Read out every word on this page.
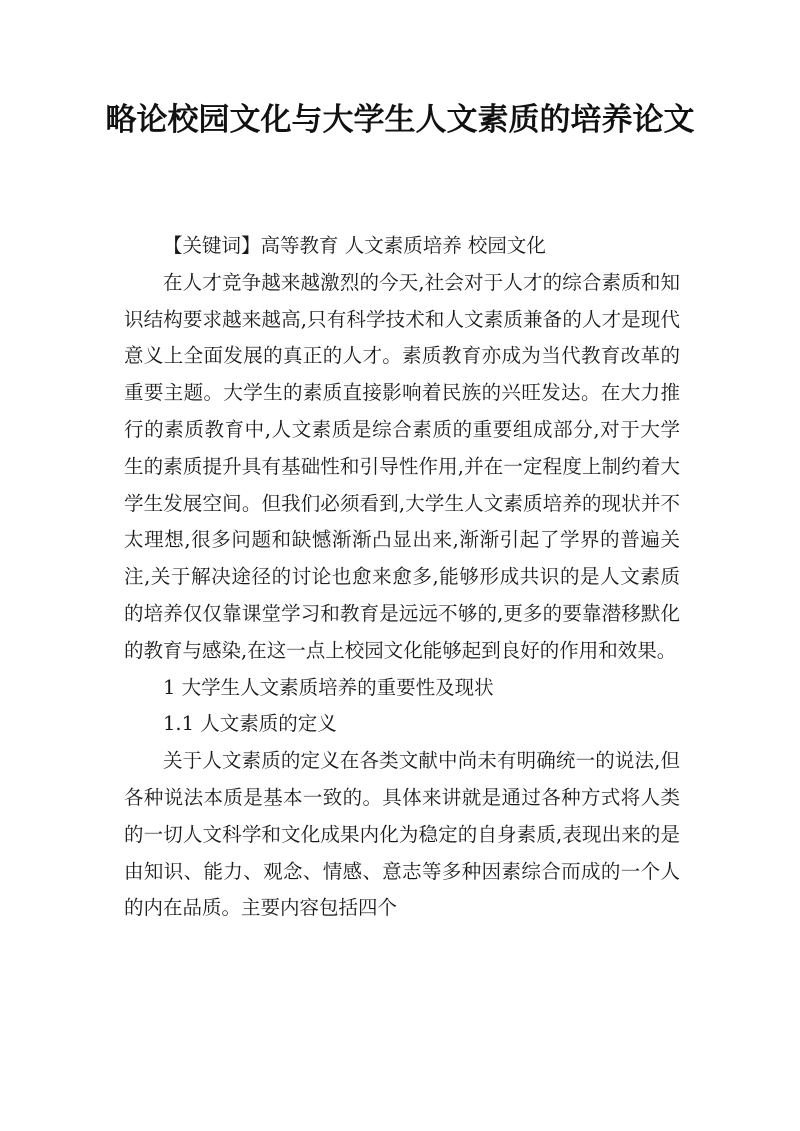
略论校园文化与大学生人文素质的培养论文

【关键词】高等教育 人文素质培养 校园文化

在人才竞争越来越激烈的今天,社会对于人才的综合素质和知识结构要求越来越高,只有科学技术和人文素质兼备的人才是现代意义上全面发展的真正的人才。素质教育亦成为当代教育改革的重要主题。大学生的素质直接影响着民族的兴旺发达。在大力推行的素质教育中,人文素质是综合素质的重要组成部分,对于大学生的素质提升具有基础性和引导性作用,并在一定程度上制约着大学生发展空间。但我们必须看到,大学生人文素质培养的现状并不太理想,很多问题和缺憾渐渐凸显出来,渐渐引起了学界的普遍关注,关于解决途径的讨论也愈来愈多,能够形成共识的是人文素质的培养仅仅靠课堂学习和教育是远远不够的,更多的要靠潜移默化的教育与感染,在这一点上校园文化能够起到良好的作用和效果。

1 大学生人文素质培养的重要性及现状

1.1 人文素质的定义

关于人文素质的定义在各类文献中尚未有明确统一的说法,但各种说法本质是基本一致的。具体来讲就是通过各种方式将人类的一切人文科学和文化成果内化为稳定的自身素质,表现出来的是由知识、能力、观念、情感、意志等多种因素综合而成的一个人的内在品质。主要内容包括四个
